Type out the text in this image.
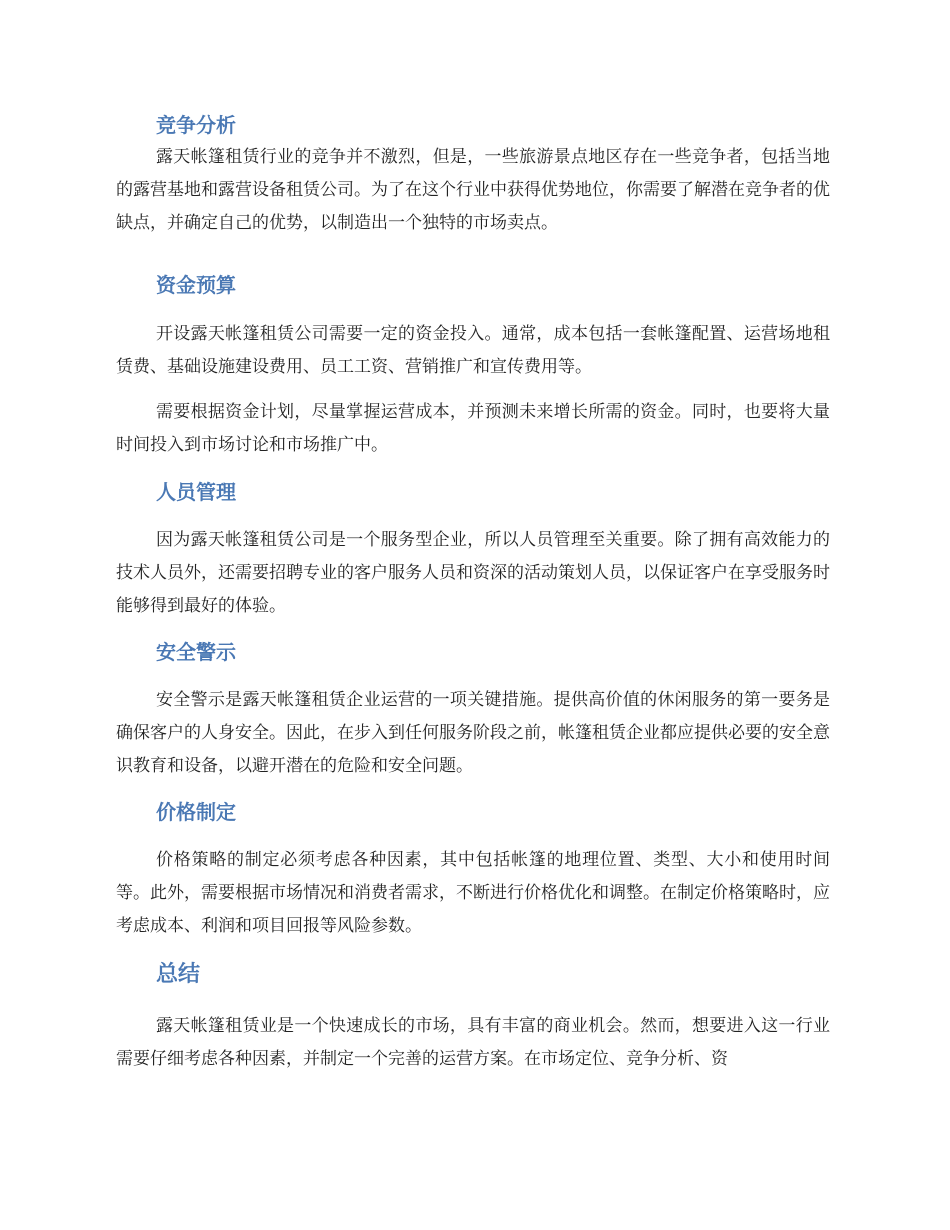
竞争分析

露天帐篷租赁行业的竞争并不激烈，但是，一些旅游景点地区存在一些竞争者，包括当地的露营基地和露营设备租赁公司。为了在这个行业中获得优势地位，你需要了解潜在竞争者的优缺点，并确定自己的优势，以制造出一个独特的市场卖点。

资金预算

开设露天帐篷租赁公司需要一定的资金投入。通常，成本包括一套帐篷配置、运营场地租赁费、基础设施建设费用、员工工资、营销推广和宣传费用等。

需要根据资金计划，尽量掌握运营成本，并预测未来增长所需的资金。同时，也要将大量时间投入到市场讨论和市场推广中。

人员管理

因为露天帐篷租赁公司是一个服务型企业，所以人员管理至关重要。除了拥有高效能力的技术人员外，还需要招聘专业的客户服务人员和资深的活动策划人员，以保证客户在享受服务时能够得到最好的体验。

安全警示

安全警示是露天帐篷租赁企业运营的一项关键措施。提供高价值的休闲服务的第一要务是确保客户的人身安全。因此，在步入到任何服务阶段之前，帐篷租赁企业都应提供必要的安全意识教育和设备，以避开潜在的危险和安全问题。

价格制定

价格策略的制定必须考虑各种因素，其中包括帐篷的地理位置、类型、大小和使用时间等。此外，需要根据市场情况和消费者需求，不断进行价格优化和调整。在制定价格策略时，应考虑成本、利润和项目回报等风险参数。

总结

露天帐篷租赁业是一个快速成长的市场，具有丰富的商业机会。然而，想要进入这一行业需要仔细考虑各种因素，并制定一个完善的运营方案。在市场定位、竞争分析、资
